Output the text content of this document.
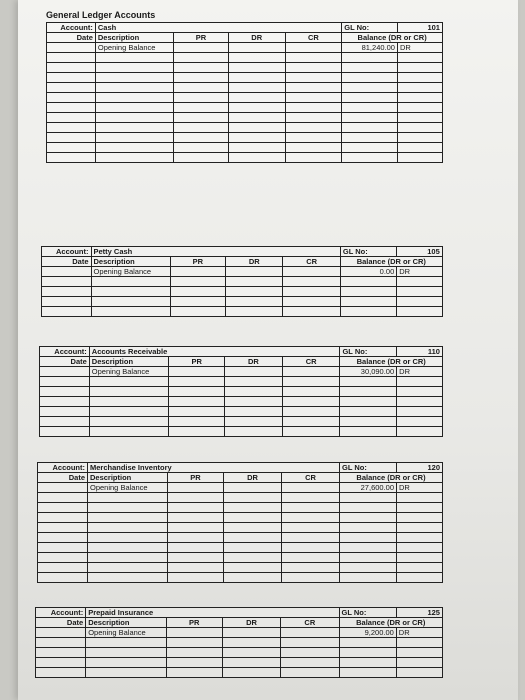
General Ledger Accounts
Account:	Cash				GL No:	101
Date	Description	PR	DR	CR	Balance (DR or CR)	
	Opening Balance				81,240.00	DR

Account:	Petty Cash				GL No:	105
Date	Description	PR	DR	CR	Balance (DR or CR)	
	Opening Balance				0.00	DR

Account:	Accounts Receivable				GL No:	110
Date	Description	PR	DR	CR	Balance (DR or CR)	
	Opening Balance				30,090.00	DR

Account:	Merchandise Inventory				GL No:	120
Date	Description	PR	DR	CR	Balance (DR or CR)	
	Opening Balance				27,600.00	DR

Account:	Prepaid Insurance				GL No:	125
Date	Description	PR	DR	CR	Balance (DR or CR)	
	Opening Balance				9,200.00	DR
